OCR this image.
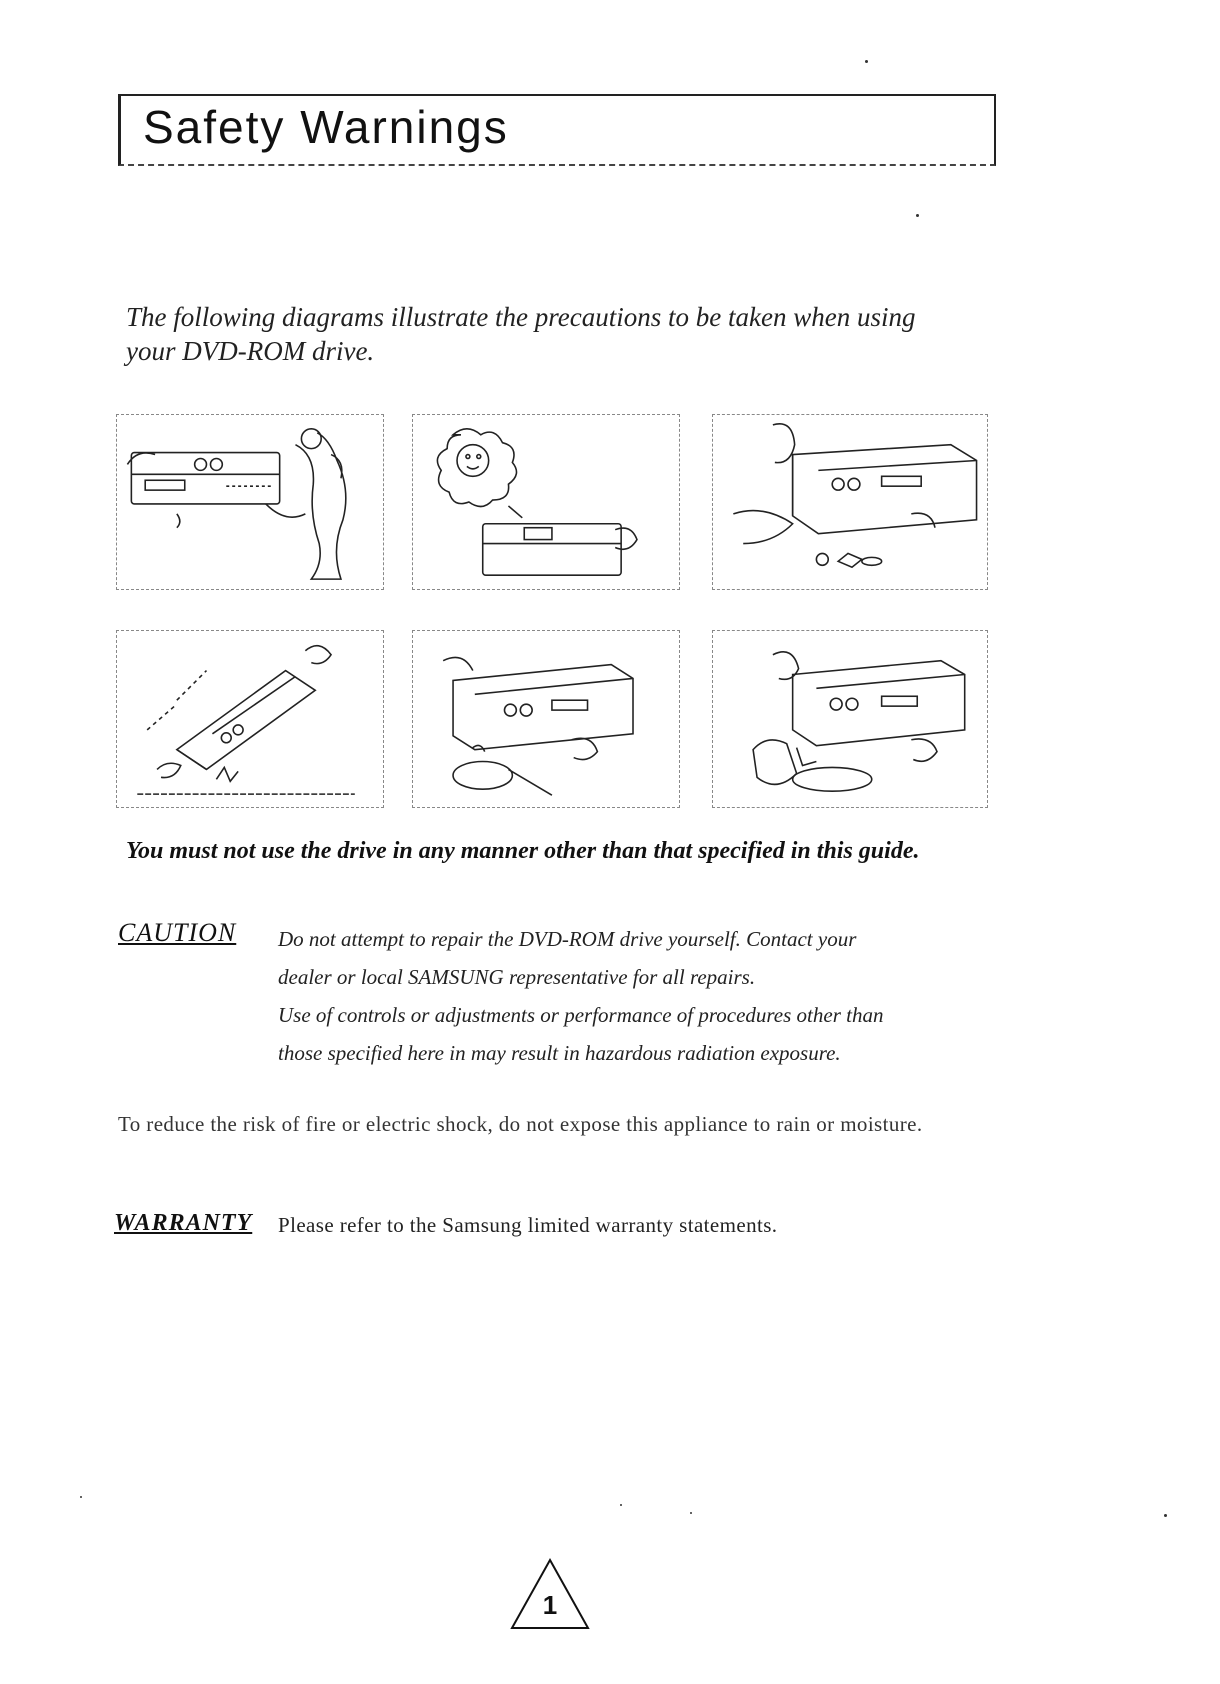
Safety Warnings
The following diagrams illustrate the precautions to be taken when using
your DVD-ROM drive.
You must not use the drive in any manner other than that specified in this guide.
CAUTION Do not attempt to repair the DVD-ROM drive yourself. Contact your

dealer or local SAMSUNG representative for all repairs.

Use of controls or adjustments or performance of procedures other than

those specified here in may result in hazardous radiation exposure.

To reduce the risk of fire or electric shock, do not expose this appliance to rain or moisture.
WARRANTY Please refer to the Samsung limited warranty statements.
1
